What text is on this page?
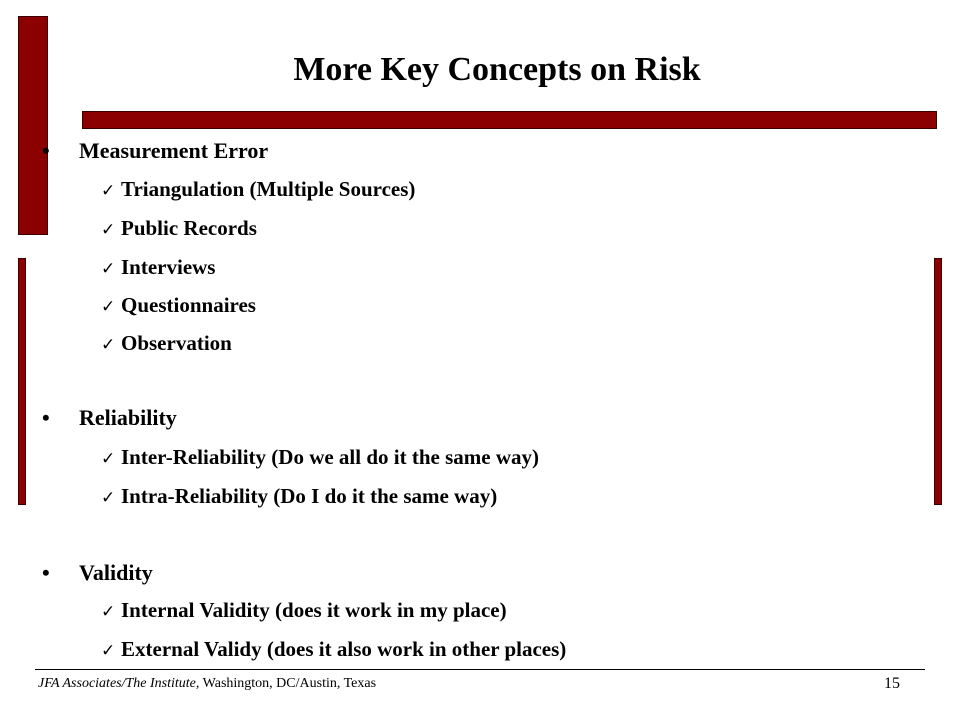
More Key Concepts on Risk
• Measurement Error
✓ Triangulation (Multiple Sources)
✓ Public Records
✓ Interviews
✓ Questionnaires
✓ Observation
• Reliability
✓ Inter-Reliability (Do we all do it the same way)
✓ Intra-Reliability (Do I do it the same way)
• Validity
✓ Internal Validity (does it work in my place)
✓ External Validy (does it also work in other places)
JFA Associates/The Institute, Washington, DC/Austin, Texas	15
